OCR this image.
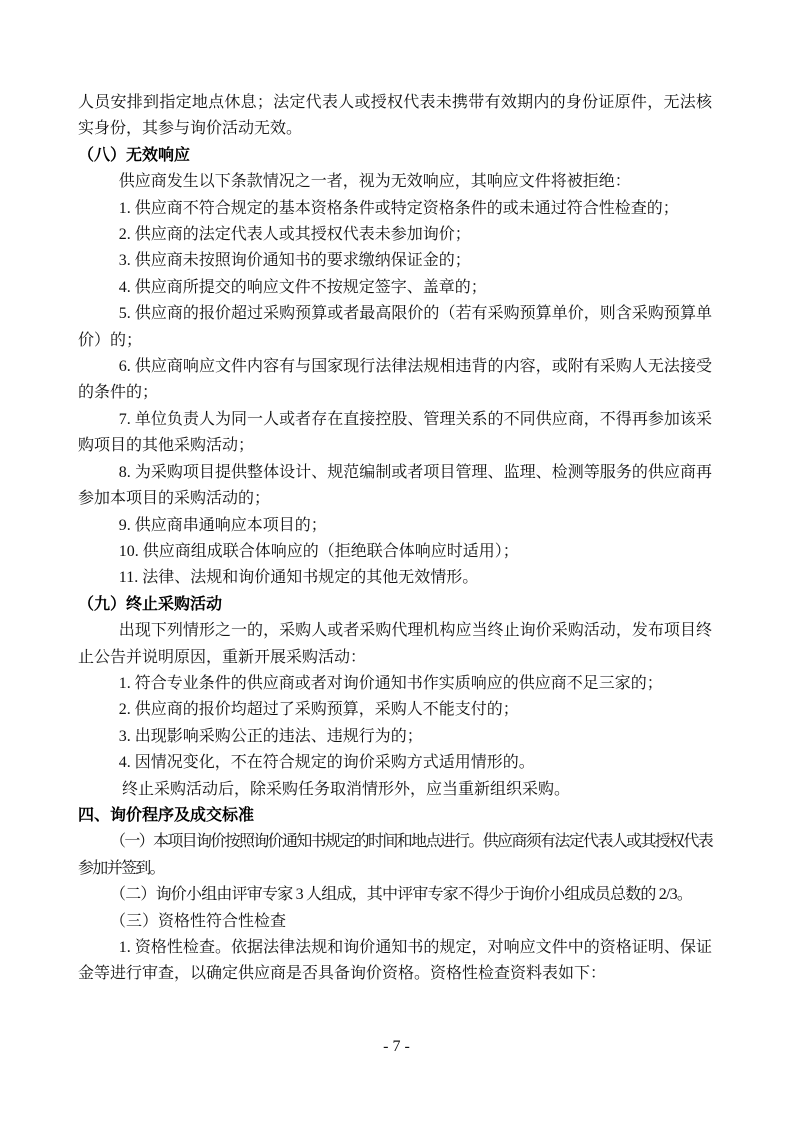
人员安排到指定地点休息；法定代表人或授权代表未携带有效期内的身份证原件，无法核实身份，其参与询价活动无效。

（八）无效响应

供应商发生以下条款情况之一者，视为无效响应，其响应文件将被拒绝：

1. 供应商不符合规定的基本资格条件或特定资格条件的或未通过符合性检查的；

2. 供应商的法定代表人或其授权代表未参加询价；

3. 供应商未按照询价通知书的要求缴纳保证金的；

4. 供应商所提交的响应文件不按规定签字、盖章的；

5. 供应商的报价超过采购预算或者最高限价的（若有采购预算单价，则含采购预算单价）的；

6. 供应商响应文件内容有与国家现行法律法规相违背的内容，或附有采购人无法接受的条件的；

7. 单位负责人为同一人或者存在直接控股、管理关系的不同供应商，不得再参加该采购项目的其他采购活动；

8. 为采购项目提供整体设计、规范编制或者项目管理、监理、检测等服务的供应商再参加本项目的采购活动的；

9. 供应商串通响应本项目的；

10. 供应商组成联合体响应的（拒绝联合体响应时适用）；

11. 法律、法规和询价通知书规定的其他无效情形。

（九）终止采购活动

出现下列情形之一的，采购人或者采购代理机构应当终止询价采购活动，发布项目终止公告并说明原因，重新开展采购活动：

1. 符合专业条件的供应商或者对询价通知书作实质响应的供应商不足三家的；

2. 供应商的报价均超过了采购预算，采购人不能支付的；

3. 出现影响采购公正的违法、违规行为的；

4. 因情况变化，不在符合规定的询价采购方式适用情形的。

终止采购活动后，除采购任务取消情形外，应当重新组织采购。

四、询价程序及成交标准

（一）本项目询价按照询价通知书规定的时间和地点进行。供应商须有法定代表人或其授权代表参加并签到。

（二）询价小组由评审专家 3 人组成，其中评审专家不得少于询价小组成员总数的 2/3。

（三）资格性符合性检查

1. 资格性检查。依据法律法规和询价通知书的规定，对响应文件中的资格证明、保证金等进行审查，以确定供应商是否具备询价资格。资格性检查资料表如下：

- 7 -
